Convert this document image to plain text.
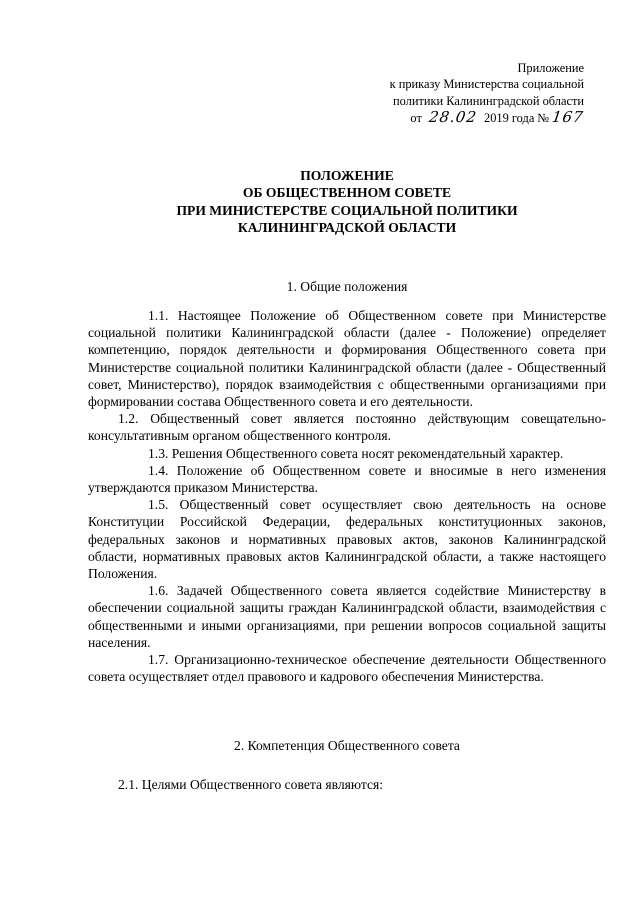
Приложение
к приказу Министерства социальной
политики Калининградской области
от 28.02 2019 года № 167
ПОЛОЖЕНИЕ
ОБ ОБЩЕСТВЕННОМ СОВЕТЕ
ПРИ МИНИСТЕРСТВЕ СОЦИАЛЬНОЙ ПОЛИТИКИ
КАЛИНИНГРАДСКОЙ ОБЛАСТИ
1. Общие положения

1.1. Настоящее Положение об Общественном совете при Министерстве социальной политики Калининградской области (далее - Положение) определяет компетенцию, порядок деятельности и формирования Общественного совета при Министерстве социальной политики Калининградской области (далее - Общественный совет, Министерство), порядок взаимодействия с общественными организациями при формировании состава Общественного совета и его деятельности.

1.2. Общественный совет является постоянно действующим совещательно-консультативным органом общественного контроля.

1.3. Решения Общественного совета носят рекомендательный характер.

1.4. Положение об Общественном совете и вносимые в него изменения утверждаются приказом Министерства.

1.5. Общественный совет осуществляет свою деятельность на основе Конституции Российской Федерации, федеральных конституционных законов, федеральных законов и нормативных правовых актов, законов Калининградской области, нормативных правовых актов Калининградской области, а также настоящего Положения.

1.6. Задачей Общественного совета является содействие Министерству в обеспечении социальной защиты граждан Калининградской области, взаимодействия с общественными и иными организациями, при решении вопросов социальной защиты населения.

1.7. Организационно-техническое обеспечение деятельности Общественного совета осуществляет отдел правового и кадрового обеспечения Министерства.

2. Компетенция Общественного совета
2.1. Целями Общественного совета являются:
